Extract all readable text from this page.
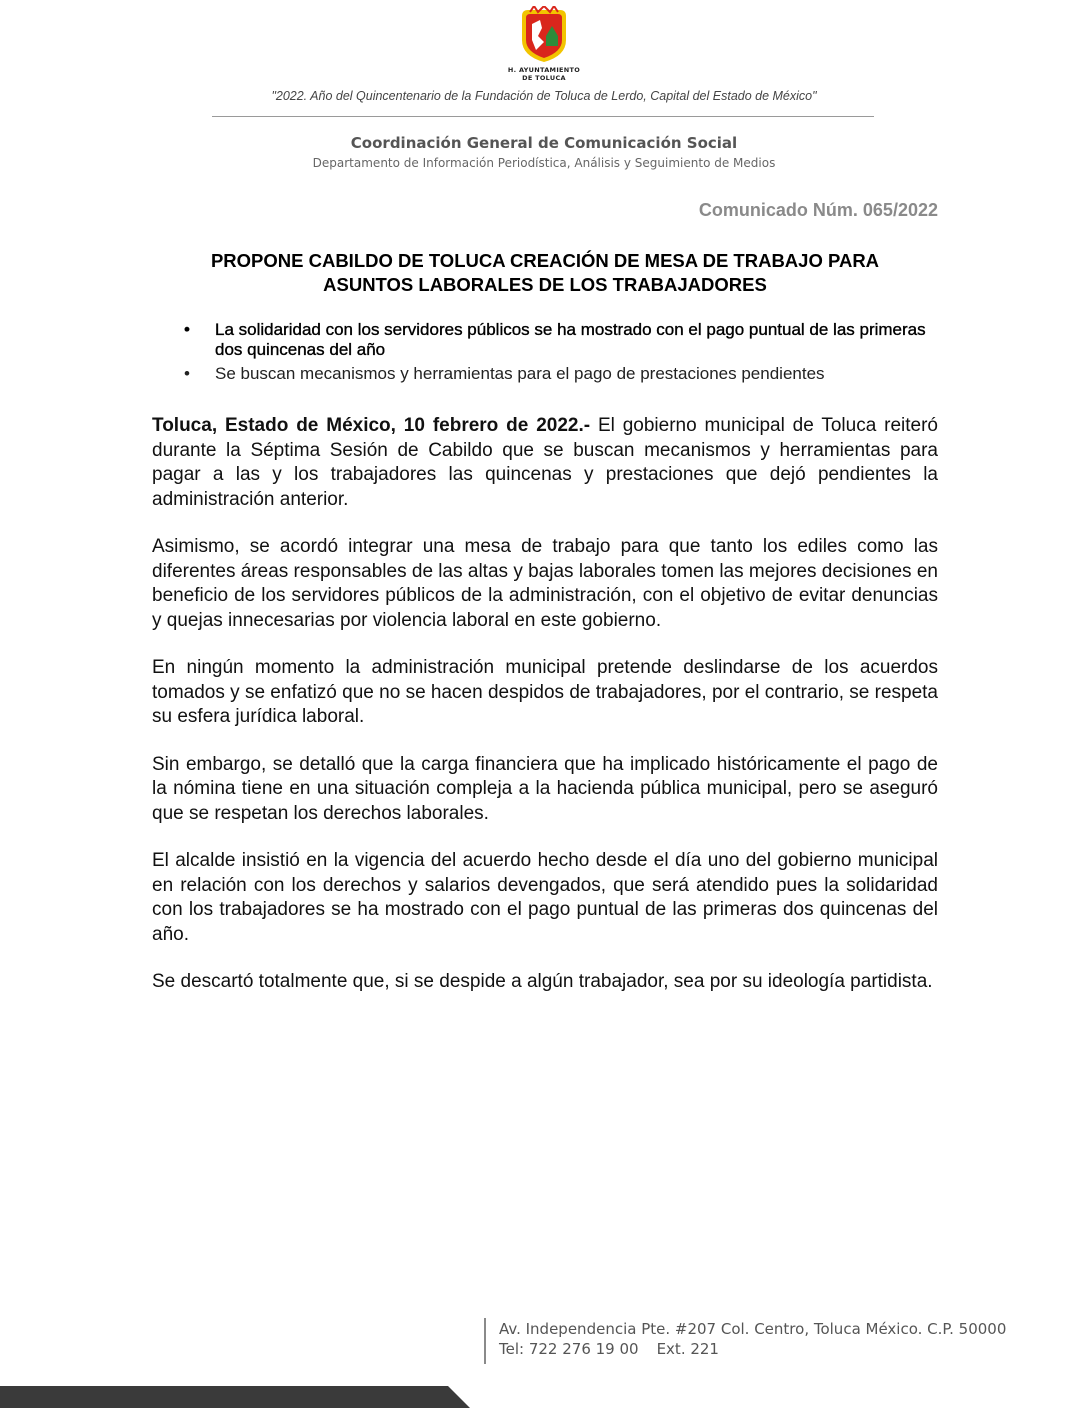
H. AYUNTAMIENTO
DE TOLUCA
"2022. Año del Quincentenario de la Fundación de Toluca de Lerdo, Capital del Estado de México"
Coordinación General de Comunicación Social
Departamento de Información Periodística, Análisis y Seguimiento de Medios
Comunicado Núm. 065/2022
PROPONE CABILDO DE TOLUCA CREACIÓN DE MESA DE TRABAJO PARA
ASUNTOS LABORALES DE LOS TRABAJADORES
• La solidaridad con los servidores públicos se ha mostrado con el pago puntual de las primeras dos quincenas del año
• Se buscan mecanismos y herramientas para el pago de prestaciones pendientes

Toluca, Estado de México, 10 febrero de 2022.- El gobierno municipal de Toluca reiteró durante la Séptima Sesión de Cabildo que se buscan mecanismos y herramientas para pagar a las y los trabajadores las quincenas y prestaciones que dejó pendientes la administración anterior.

Asimismo, se acordó integrar una mesa de trabajo para que tanto los ediles como las diferentes áreas responsables de las altas y bajas laborales tomen las mejores decisiones en beneficio de los servidores públicos de la administración, con el objetivo de evitar denuncias y quejas innecesarias por violencia laboral en este gobierno.

En ningún momento la administración municipal pretende deslindarse de los acuerdos tomados y se enfatizó que no se hacen despidos de trabajadores, por el contrario, se respeta su esfera jurídica laboral.

Sin embargo, se detalló que la carga financiera que ha implicado históricamente el pago de la nómina tiene en una situación compleja a la hacienda pública municipal, pero se aseguró que se respetan los derechos laborales.

El alcalde insistió en la vigencia del acuerdo hecho desde el día uno del gobierno municipal en relación con los derechos y salarios devengados, que será atendido pues la solidaridad con los trabajadores se ha mostrado con el pago puntual de las primeras dos quincenas del año.

Se descartó totalmente que, si se despide a algún trabajador, sea por su ideología partidista.

Av. Independencia Pte. #207 Col. Centro, Toluca México. C.P. 50000
Tel: 722 276 19 00 Ext. 221
